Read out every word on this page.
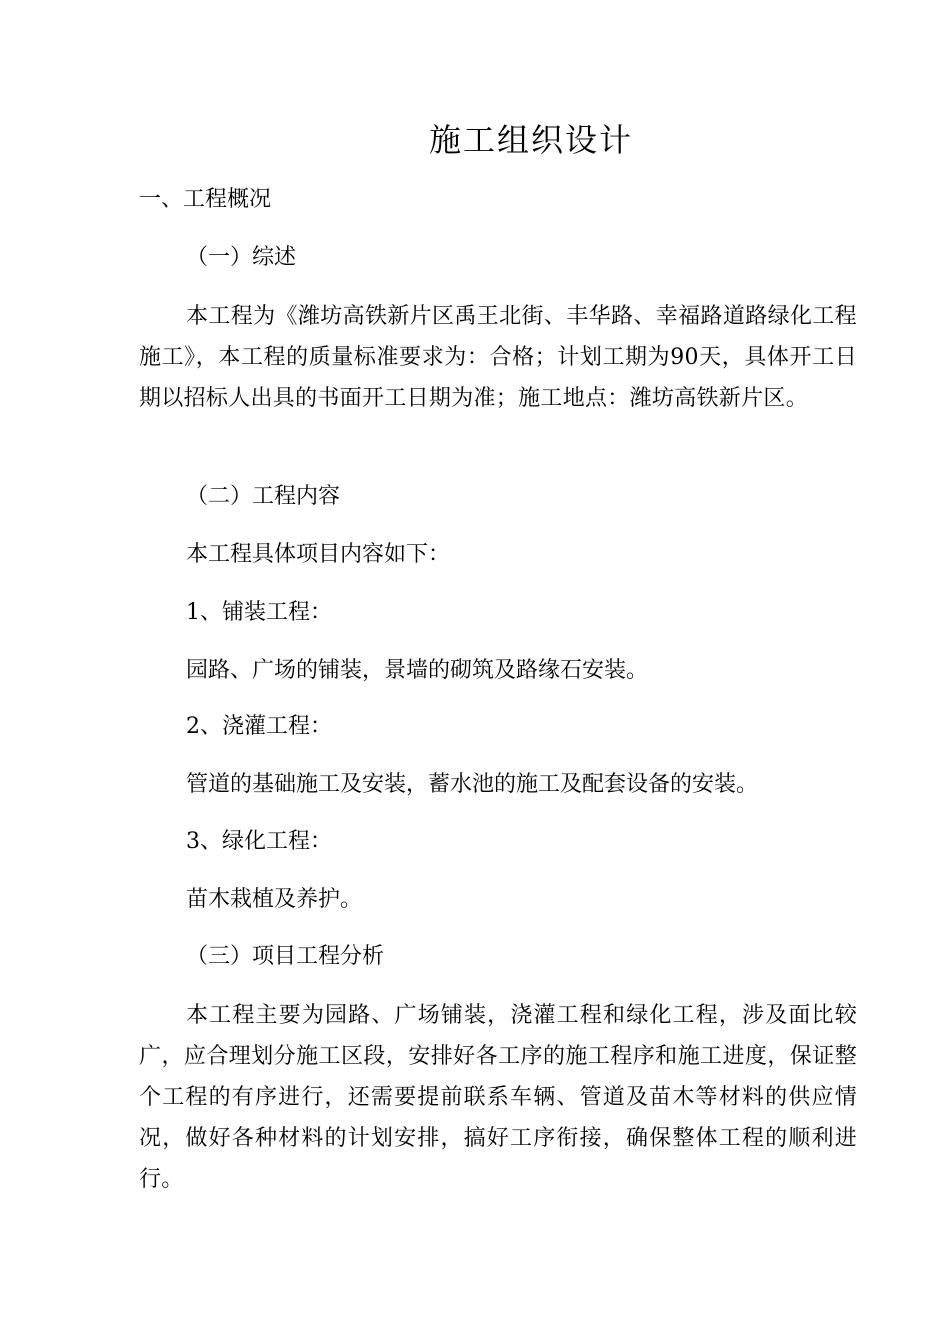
施工组织设计
一、工程概况
（一）综述

本工程为《潍坊高铁新片区禹王北街、丰华路、幸福路道路绿化工程施工》，本工程的质量标准要求为：合格；计划工期为90天，具体开工日期以招标人出具的书面开工日期为准；施工地点：潍坊高铁新片区。

（二）工程内容

本工程具体项目内容如下：

1、铺装工程：

园路、广场的铺装，景墙的砌筑及路缘石安装。

2、浇灌工程：

管道的基础施工及安装，蓄水池的施工及配套设备的安装。

3、绿化工程：

苗木栽植及养护。

（三）项目工程分析

本工程主要为园路、广场铺装，浇灌工程和绿化工程，涉及面比较广，应合理划分施工区段，安排好各工序的施工程序和施工进度，保证整个工程的有序进行，还需要提前联系车辆、管道及苗木等材料的供应情况，做好各种材料的计划安排，搞好工序衔接，确保整体工程的顺利进行。
